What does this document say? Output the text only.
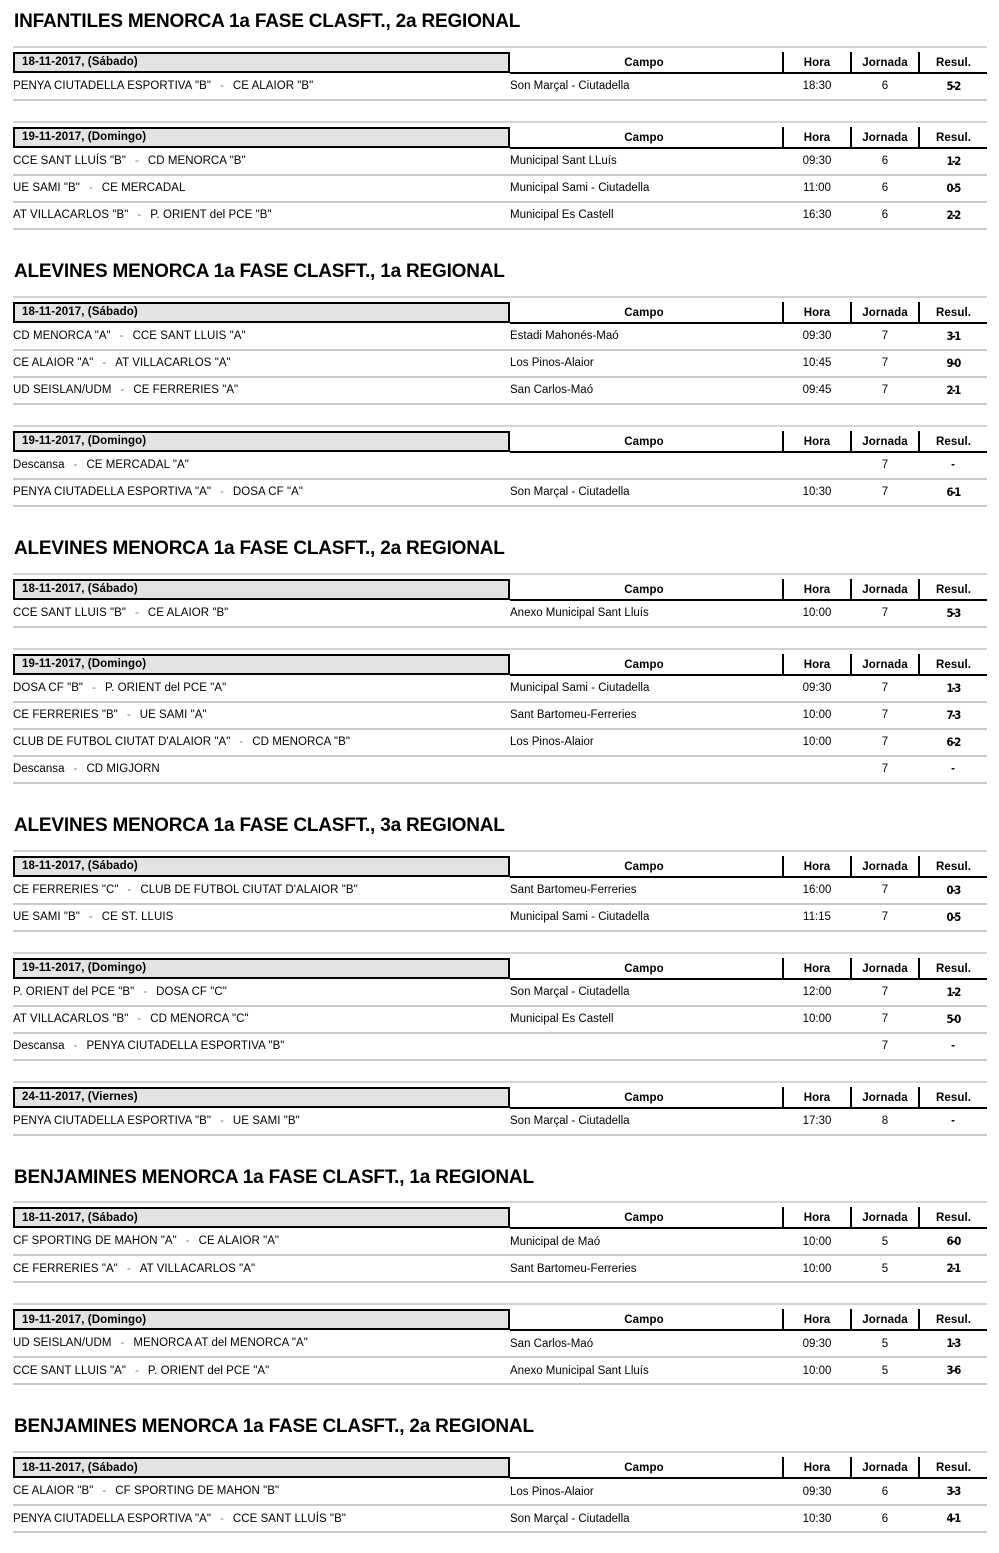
INFANTILES MENORCA 1a FASE CLASFT., 2a REGIONAL
18-11-2017, (Sábado)	Campo		Hora	Jornada	Resul.
PENYA CIUTADELLA ESPORTIVA "B" - CE ALAIOR "B"	Son Marçal - Ciutadella		18:30	6	5-2
19-11-2017, (Domingo)	Campo		Hora	Jornada	Resul.
CCE SANT LLUÍS "B" - CD MENORCA "B"	Municipal Sant LLuís		09:30	6	1-2
UE SAMI "B" - CE MERCADAL	Municipal Sami - Ciutadella		11:00	6	0-5
AT VILLACARLOS "B" - P. ORIENT del PCE "B"	Municipal Es Castell		16:30	6	2-2
ALEVINES MENORCA 1a FASE CLASFT., 1a REGIONAL
18-11-2017, (Sábado)	Campo		Hora	Jornada	Resul.
CD MENORCA "A" - CCE SANT LLUIS "A"	Estadi Mahonés-Maó		09:30	7	3-1
CE ALAIOR "A" - AT VILLACARLOS "A"	Los Pinos-Alaior		10:45	7	9-0
UD SEISLAN/UDM - CE FERRERIES "A"	San Carlos-Maó		09:45	7	2-1
19-11-2017, (Domingo)	Campo		Hora	Jornada	Resul.
Descansa - CE MERCADAL "A"				7	-
PENYA CIUTADELLA ESPORTIVA "A" - DOSA CF "A"	Son Marçal - Ciutadella		10:30	7	6-1
ALEVINES MENORCA 1a FASE CLASFT., 2a REGIONAL
18-11-2017, (Sábado)	Campo		Hora	Jornada	Resul.
CCE SANT LLUIS "B" - CE ALAIOR "B"	Anexo Municipal Sant Lluís		10:00	7	5-3
19-11-2017, (Domingo)	Campo		Hora	Jornada	Resul.
DOSA CF "B" - P. ORIENT del PCE "A"	Municipal Sami - Ciutadella		09:30	7	1-3
CE FERRERIES "B" - UE SAMI "A"	Sant Bartomeu-Ferreries		10:00	7	7-3
CLUB DE FUTBOL CIUTAT D'ALAIOR "A" - CD MENORCA "B"	Los Pinos-Alaior		10:00	7	6-2
Descansa - CD MIGJORN				7	-
ALEVINES MENORCA 1a FASE CLASFT., 3a REGIONAL
18-11-2017, (Sábado)	Campo		Hora	Jornada	Resul.
CE FERRERIES "C" - CLUB DE FUTBOL CIUTAT D'ALAIOR "B"	Sant Bartomeu-Ferreries		16:00	7	0-3
UE SAMI "B" - CE ST. LLUIS	Municipal Sami - Ciutadella		11:15	7	0-5
19-11-2017, (Domingo)	Campo		Hora	Jornada	Resul.
P. ORIENT del PCE "B" - DOSA CF "C"	Son Marçal - Ciutadella		12:00	7	1-2
AT VILLACARLOS "B" - CD MENORCA "C"	Municipal Es Castell		10:00	7	5-0
Descansa - PENYA CIUTADELLA ESPORTIVA "B"				7	-
24-11-2017, (Viernes)	Campo		Hora	Jornada	Resul.
PENYA CIUTADELLA ESPORTIVA "B" - UE SAMI "B"	Son Marçal - Ciutadella		17:30	8	-
BENJAMINES MENORCA 1a FASE CLASFT., 1a REGIONAL
18-11-2017, (Sábado)	Campo		Hora	Jornada	Resul.
CF SPORTING DE MAHON "A" - CE ALAIOR "A"	Municipal de Maó		10:00	5	6-0
CE FERRERIES "A" - AT VILLACARLOS "A"	Sant Bartomeu-Ferreries		10:00	5	2-1
19-11-2017, (Domingo)	Campo		Hora	Jornada	Resul.
UD SEISLAN/UDM - MENORCA AT del MENORCA "A"	San Carlos-Maó		09:30	5	1-3
CCE SANT LLUIS "A" - P. ORIENT del PCE "A"	Anexo Municipal Sant Lluís		10:00	5	3-6
BENJAMINES MENORCA 1a FASE CLASFT., 2a REGIONAL
18-11-2017, (Sábado)	Campo		Hora	Jornada	Resul.
CE ALAIOR "B" - CF SPORTING DE MAHON "B"	Los Pinos-Alaior		09:30	6	3-3
PENYA CIUTADELLA ESPORTIVA "A" - CCE SANT LLUÍS "B"	Son Marçal - Ciutadella		10:30	6	4-1
